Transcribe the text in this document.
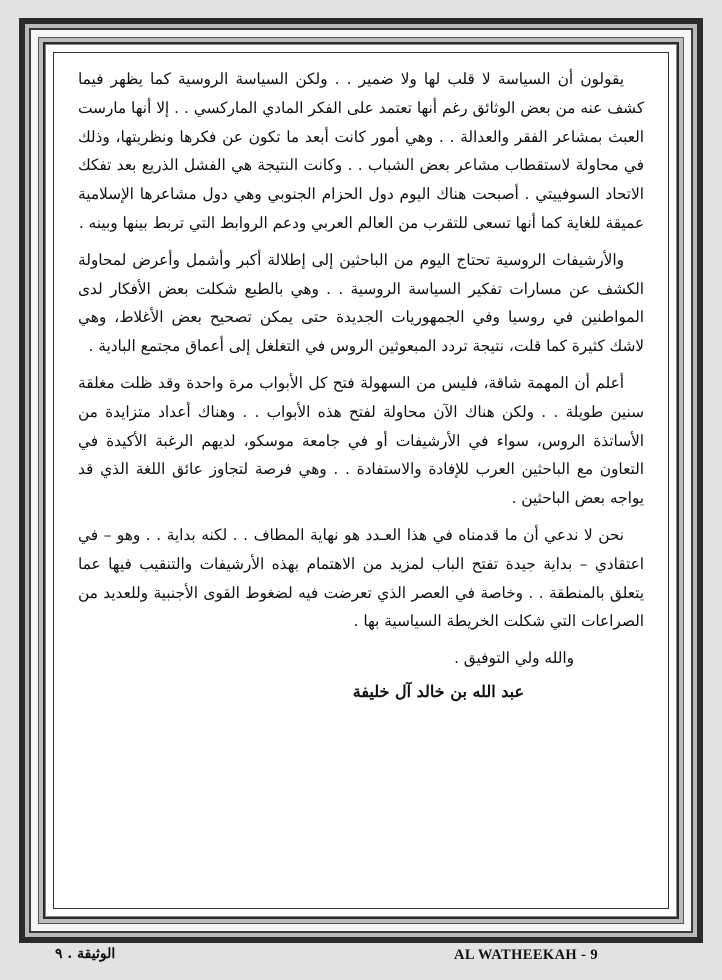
يقولون أن السياسة لا قلب لها ولا ضمير . . ولكن السياسة الروسية كما يظهر فيما كشف عنه من بعض الوثائق رغم أنها تعتمد على الفكر المادي الماركسي . . إلا أنها مارست العبث بمشاعر الفقر والعدالة . . وهي أمور كانت أبعد ما تكون عن فكرها ونظريتها، وذلك في محاولة لاستقطاب مشاعر بعض الشباب . . وكانت النتيجة هي الفشل الذريع بعد تفكك الاتحاد السوفييتي . أصبحت هناك اليوم دول الحزام الجنوبي وهي دول مشاعرها الإسلامية عميقة للغاية كما أنها تسعى للتقرب من العالم العربي ودعم الروابط التي تربط بينها وبينه .

والأرشيفات الروسية تحتاج اليوم من الباحثين إلى إطلالة أكبر وأشمل وأعرض لمحاولة الكشف عن مسارات تفكير السياسة الروسية . . وهي بالطبع شكلت بعض الأفكار لدى المواطنين في روسيا وفي الجمهوريات الجديدة حتى يمكن تصحيح بعض الأغلاط، وهي لاشك كثيرة كما قلت، نتيجة تردد المبعوثين الروس في التغلغل إلى أعماق مجتمع البادية .

أعلم أن المهمة شاقة، فليس من السهولة فتح كل الأبواب مرة واحدة وقد ظلت مغلقة سنين طويلة . . ولكن هناك الآن محاولة لفتح هذه الأبواب . . وهناك أعداد متزايدة من الأساتذة الروس، سواء في الأرشيفات أو في جامعة موسكو، لديهم الرغبة الأكيدة في التعاون مع الباحثين العرب للإفادة والاستفادة . . وهي فرصة لتجاوز عائق اللغة الذي قد يواجه بعض الباحثين .

نحن لا ندعي أن ما قدمناه في هذا العـدد هو نهاية المطاف . . لكنه بداية . . وهو – في اعتقادي – بداية جيدة تفتح الباب لمزيد من الاهتمام بهذه الأرشيفات والتنقيب فيها عما يتعلق بالمنطقة . . وخاصة في العصر الذي تعرضت فيه لضغوط القوى الأجنبية وللعديد من الصراعات التي شكلت الخريطة السياسية بها .

والله ولي التوفيق .

عبد الله بن خالد آل خليفة

الوثيقة . ٩	AL WATHEEKAH - 9
